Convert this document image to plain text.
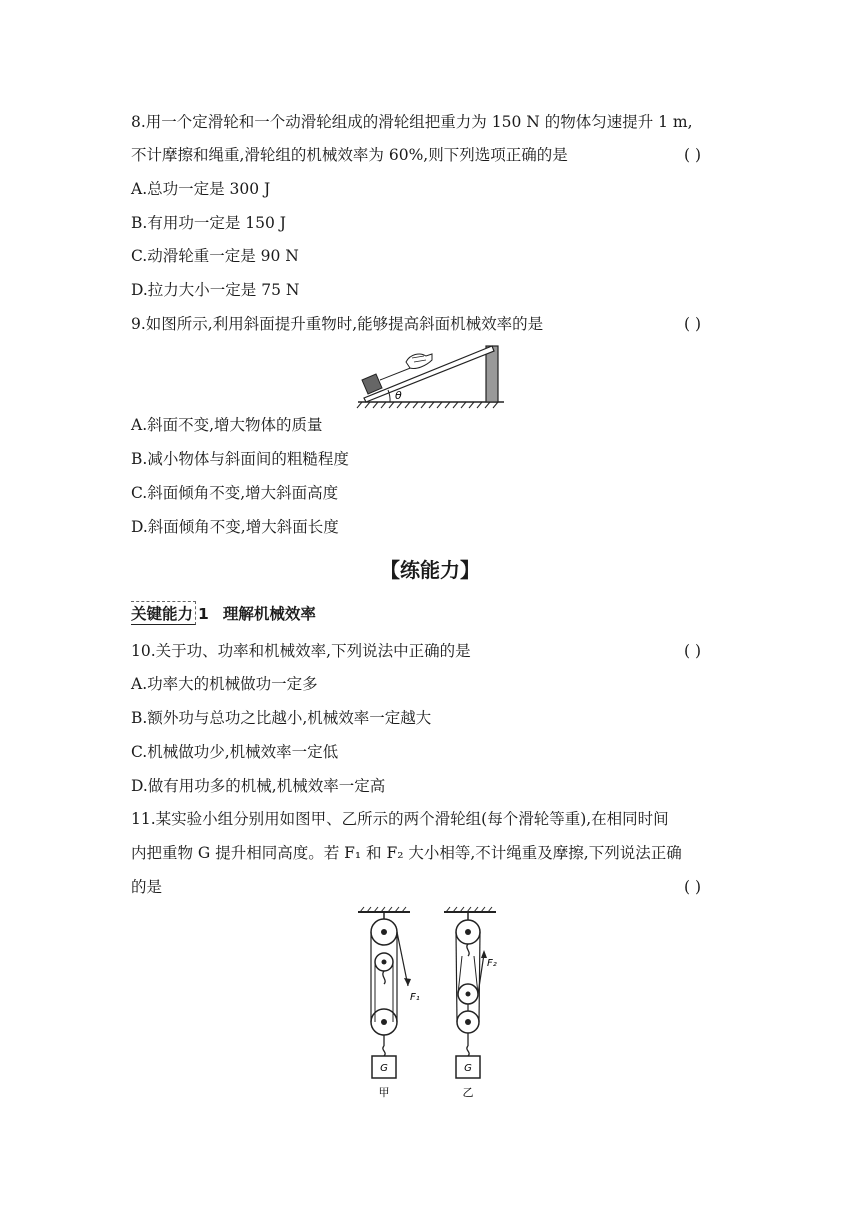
8.用一个定滑轮和一个动滑轮组成的滑轮组把重力为 150 N 的物体匀速提升 1 m,
不计摩擦和绳重,滑轮组的机械效率为 60%,则下列选项正确的是	( )
A.总功一定是 300 J
B.有用功一定是 150 J
C.动滑轮重一定是 90 N
D.拉力大小一定是 75 N
9.如图所示,利用斜面提升重物时,能够提高斜面机械效率的是	( )
θ
A.斜面不变,增大物体的质量
B.减小物体与斜面间的粗糙程度
C.斜面倾角不变,增大斜面高度
D.斜面倾角不变,增大斜面长度
【练能力】
关键能力 1 理解机械效率
10.关于功、功率和机械效率,下列说法中正确的是	( )
A.功率大的机械做功一定多
B.额外功与总功之比越小,机械效率一定越大
C.机械做功少,机械效率一定低
D.做有用功多的机械,机械效率一定高
11.某实验小组分别用如图甲、乙所示的两个滑轮组(每个滑轮等重),在相同时间
内把重物 G 提升相同高度。若 F₁ 和 F₂ 大小相等,不计绳重及摩擦,下列说法正确
的是	( )
F₁
G
甲
F₂
G
乙
